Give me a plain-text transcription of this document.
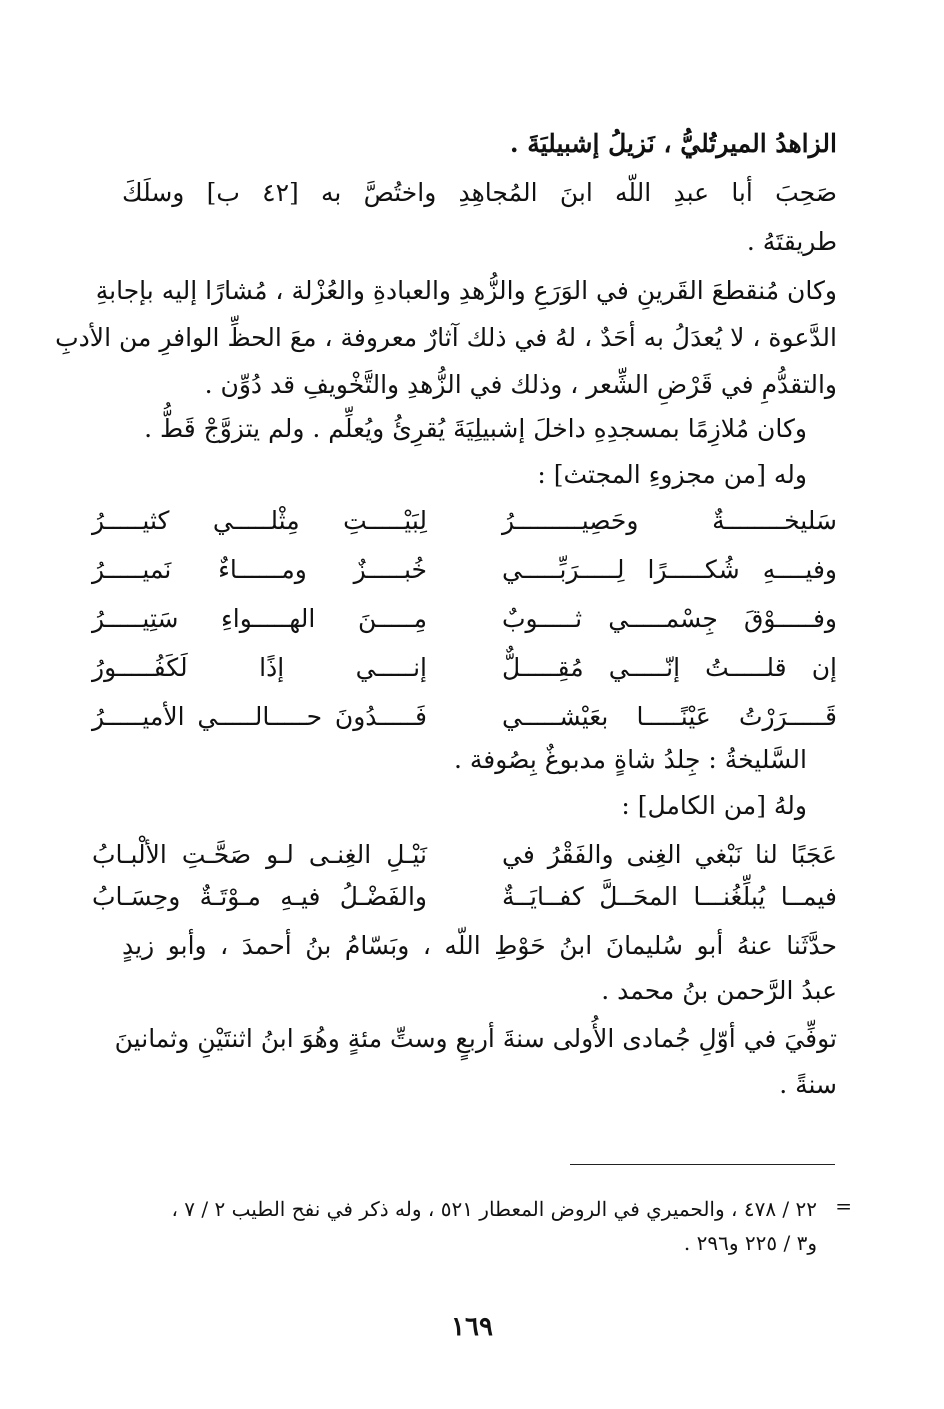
الزاهدُ الميرتُليُّ ، نَزيلُ إشبيليَةَ .
صَحِبَ أبا عبدِ اللّه ابنَ المُجاهِدِ واختُصَّ به [٤٢ ب] وسلَكَ
طريقتَهُ .
وكان مُنقطعَ القَرينِ في الوَرَعِ والزُّهدِ والعبادةِ والعُزْلة ، مُشارًا إليه بإجابةِ
الدَّعوة ، لا يُعدَلُ به أحَدٌ ، لهُ في ذلك آثارٌ معروفة ، معَ الحظِّ الوافرِ من الأدبِ
والتقدُّمِ في قَرْضِ الشِّعر ، وذلك في الزُّهدِ والتَّخْويفِ قد دُوِّن .
وكان مُلازِمًا بمسجدِهِ داخلَ إشبيلِيَةَ يُقرِئُ ويُعلِّم . ولم يتزوَّجْ قَطُّ .
وله [من مجزوءِ المجتث] :
سَليخــــــــةٌ وحَصِيـــــــــرُ
لِبَيْـــــتِ مِثْلـــــي كثيـــــرُ
وفيــــهِ شُكـــــرًا لِـــــرَبِّـــــي
خُبـــــزٌ ومــــــاءٌ نَميـــــرُ
وفـــــوْقَ جِسْمـــــي ثـــــوبٌ
مِـــــنَ الهـــــواءِ سَتِيـــــرُ
إن قلـــــتُ إنّـــــي مُقِـــــلٌّ
إنـــــي إذًا لَكَفُـــــورُ
قَـــــرَرْتُ عَيْنًـــــا بعَيْشـــــي
فَـــــدُونَ حـــــالـــــي الأميـــــرُ
السَّليخةُ : جِلدُ شاةٍ مدبوغٌ بِصُوفة .
ولهُ [من الكامل] :
عَجَبًا لنا نَبْغي الغِنى والفَقْرُ في
نَيْـلِ الغِنـى لـو صَحَّـتِ الألْبـابُ
فيمــا يُبلِّغُنـــا المحَــلَّ كفــايَــةٌ
والفَضْـلُ فيـهِ مـوْتَـةٌ وحِسَـابُ
حدَّثَنا عنهُ أبو سُليمانَ ابنُ حَوْطِ اللّه ، وبَسّامُ بنُ أحمدَ ، وأبو زيدٍ
عبدُ الرَّحمن بنُ محمد .
توفِّيَ في أوّلِ جُمادى الأُولى سنةَ أربعٍ وستِّ مئةٍ وهُوَ ابنُ اثنتَيْنِ وثمانينَ
سنةً .
=
٢٢ / ٤٧٨ ، والحميري في الروض المعطار ٥٢١ ، وله ذكر في نفح الطيب ٢ / ٧ ،
و٣ / ٢٢٥ و٢٩٦ .
١٦٩
